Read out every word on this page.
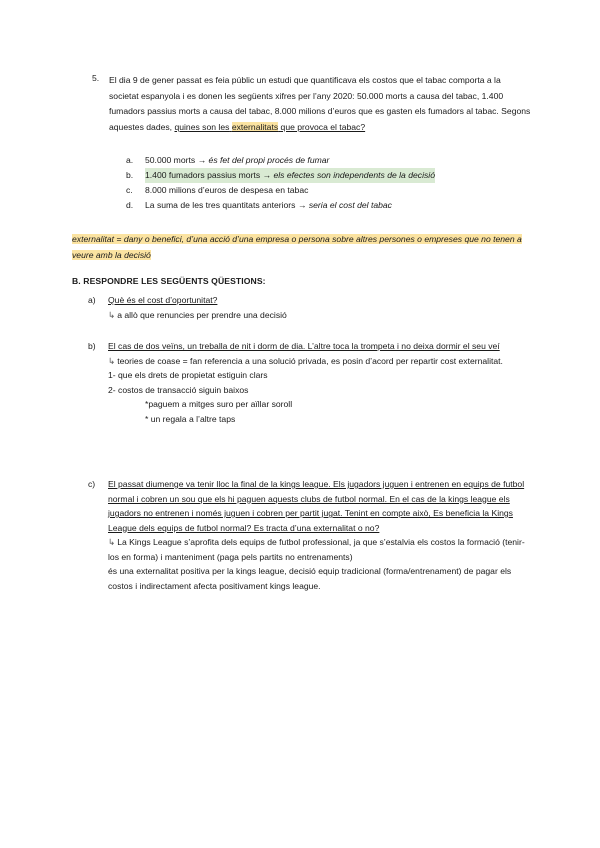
5. El dia 9 de gener passat es feia públic un estudi que quantificava els costos que el tabac comporta a la societat espanyola i es donen les següents xifres per l’any 2020: 50.000 morts a causa del tabac, 1.400 fumadors passius morts a causa del tabac, 8.000 milions d’euros que es gasten els fumadors al tabac. Segons aquestes dades, quines son les externalitats que provoca el tabac?
a.	50.000 morts → és fet del propi procés de fumar
b.	1.400 fumadors passius morts → els efectes son independents de la decisió
c.	8.000 milions d’euros de despesa en tabac
d.	La suma de les tres quantitats anteriors → seria el cost del tabac
externalitat = dany o benefici, d’una acció d’una empresa o persona sobre altres persones o empreses que no tenen a veure amb la decisió
B. RESPONDRE LES SEGÜENTS QÜESTIONS:
a) Què és el cost d’oportunitat?
↳ a allò que renuncies per prendre una decisió
b) El cas de dos veïns, un treballa de nit i dorm de dia. L’altre toca la trompeta i no deixa dormir el seu veí
↳ teories de coase = fan referencia a una solució privada, es posin d’acord per repartir cost externalitat.
1- que els drets de propietat estiguin clars
2- costos de transacció siguin baixos
*paguem a mitges suro per aïllar soroll
* un regala a l’altre taps
c) El passat diumenge va tenir lloc la final de la kings league. Els jugadors juguen i entrenen en equips de futbol normal i cobren un sou que els hi paguen aquests clubs de futbol normal. En el cas de la kings league els jugadors no entrenen i només juguen i cobren per partit jugat. Tenint en compte això, Es beneficia la Kings League dels equips de futbol normal? Es tracta d’una externalitat o no?
↳ La Kings League s’aprofita dels equips de futbol professional, ja que s’estalvia els costos la formació (tenir-los en forma) i manteniment (paga pels partits no entrenaments)
és una externalitat positiva per la kings league, decisió equip tradicional (forma/entrenament) de pagar els costos i indirectament afecta positivament kings league.
